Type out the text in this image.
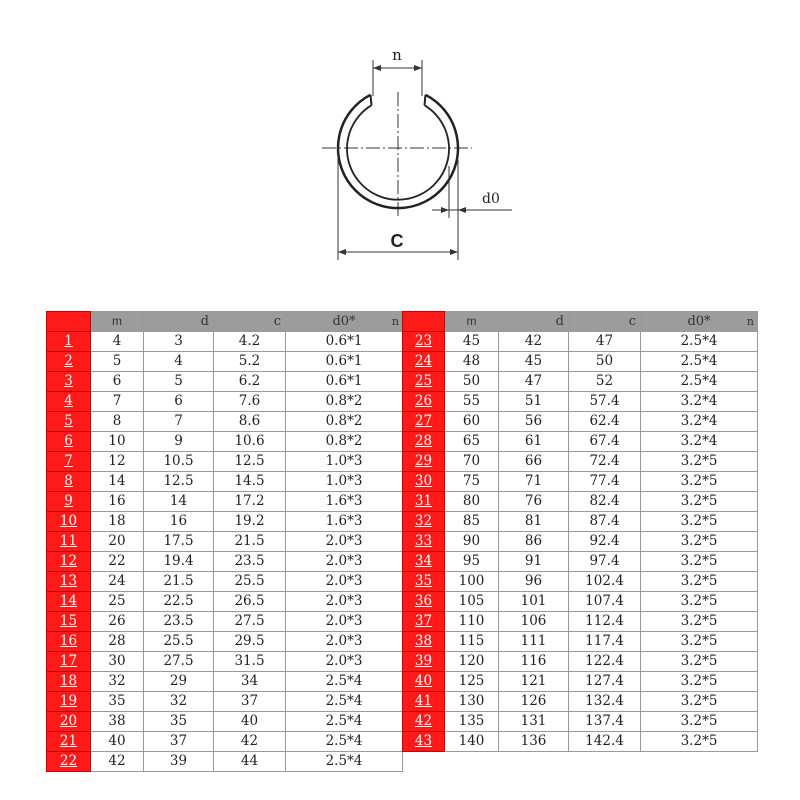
n
d0
C
	m	d	c	d0* n

1	4	3	4.2	0.6*1
2	5	4	5.2	0.6*1
3	6	5	6.2	0.6*1
4	7	6	7.6	0.8*2
5	8	7	8.6	0.8*2
6	10	9	10.6	0.8*2
7	12	10.5	12.5	1.0*3
8	14	12.5	14.5	1.0*3
9	16	14	17.2	1.6*3
10	18	16	19.2	1.6*3
11	20	17.5	21.5	2.0*3
12	22	19.4	23.5	2.0*3
13	24	21.5	25.5	2.0*3
14	25	22.5	26.5	2.0*3
15	26	23.5	27.5	2.0*3
16	28	25.5	29.5	2.0*3
17	30	27.5	31.5	2.0*3
18	32	29	34	2.5*4
19	35	32	37	2.5*4
20	38	35	40	2.5*4
21	40	37	42	2.5*4
22	42	39	44	2.5*4
	m	d	c	d0* n

23	45	42	47	2.5*4
24	48	45	50	2.5*4
25	50	47	52	2.5*4
26	55	51	57.4	3.2*4
27	60	56	62.4	3.2*4
28	65	61	67.4	3.2*4
29	70	66	72.4	3.2*5
30	75	71	77.4	3.2*5
31	80	76	82.4	3.2*5
32	85	81	87.4	3.2*5
33	90	86	92.4	3.2*5
34	95	91	97.4	3.2*5
35	100	96	102.4	3.2*5
36	105	101	107.4	3.2*5
37	110	106	112.4	3.2*5
38	115	111	117.4	3.2*5
39	120	116	122.4	3.2*5
40	125	121	127.4	3.2*5
41	130	126	132.4	3.2*5
42	135	131	137.4	3.2*5
43	140	136	142.4	3.2*5
